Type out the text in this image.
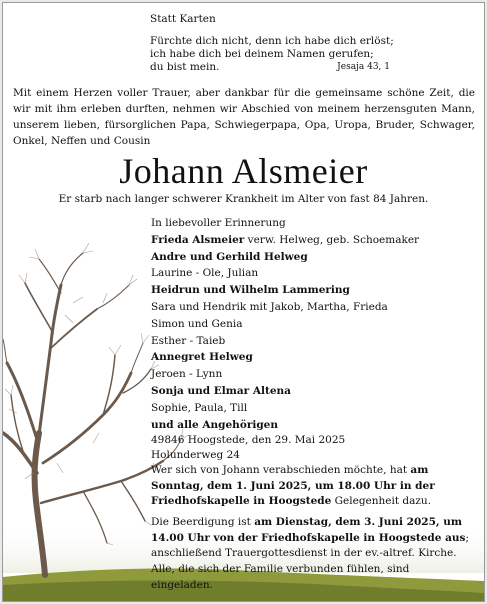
Statt Karten
Fürchte dich nicht, denn ich habe dich erlöst;
ich habe dich bei deinem Namen gerufen;
du bist mein.	Jesaja 43, 1
Mit einem Herzen voller Trauer, aber dankbar für die gemeinsame schöne Zeit, die wir mit ihm erleben durften, nehmen wir Abschied von meinem herzensguten Mann, unserem lieben, fürsorglichen Papa, Schwiegerpapa, Opa, Uropa, Bruder, Schwager, Onkel, Neffen und Cousin
Johann Alsmeier
Er starb nach langer schwerer Krankheit im Alter von fast 84 Jahren.
In liebevoller Erinnerung
Frieda Alsmeier verw. Helweg, geb. Schoemaker
Andre und Gerhild Helweg
Laurine - Ole, Julian
Heidrun und Wilhelm Lammering
Sara und Hendrik mit Jakob, Martha, Frieda
Simon und Genia
Esther - Taieb
Annegret Helweg
Jeroen - Lynn
Sonja und Elmar Altena
Sophie, Paula, Till
und alle Angehörigen
49846 Hoogstede, den 29. Mai 2025
Holunderweg 24
Wer sich von Johann verabschieden möchte, hat am Sonntag, dem 1. Juni 2025, um 18.00 Uhr in der Friedhofskapelle in Hoogstede Gelegenheit dazu.
Die Beerdigung ist am Dienstag, dem 3. Juni 2025, um 14.00 Uhr von der Friedhofskapelle in Hoogstede aus; anschließend Trauergottesdienst in der ev.-altref. Kirche.
Alle, die sich der Familie verbunden fühlen, sind eingeladen.
